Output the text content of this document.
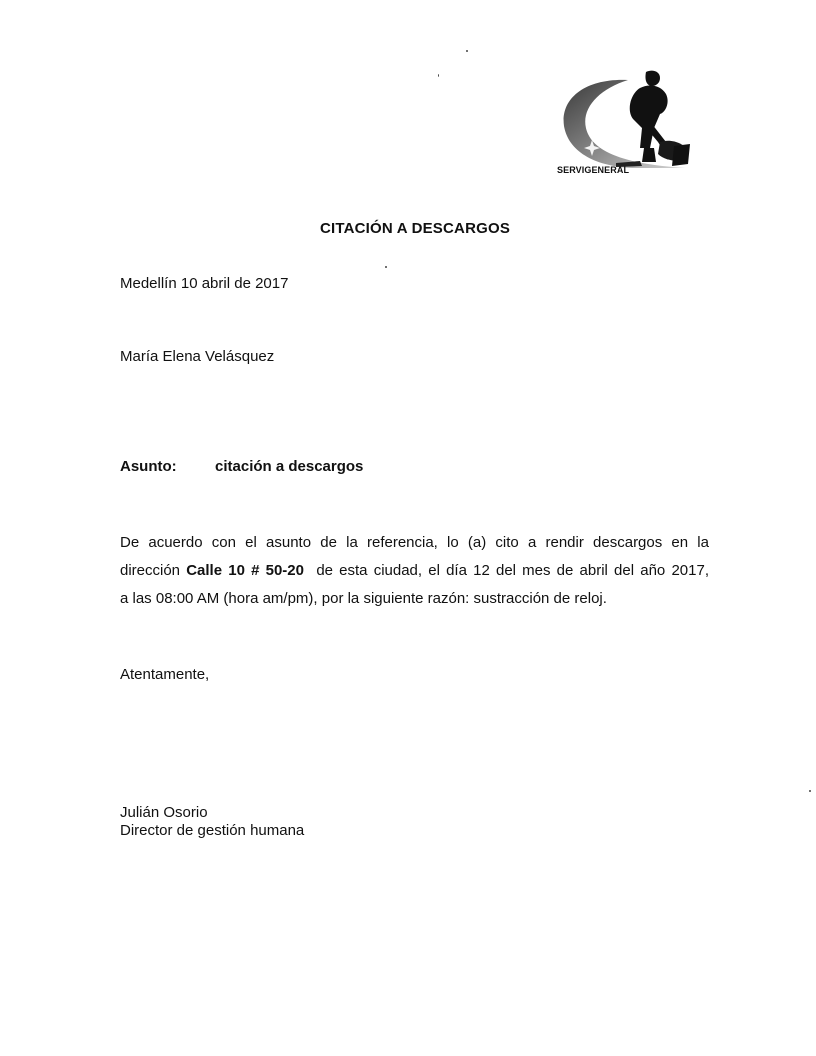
SERVIGENERAL
CITACIÓN A DESCARGOS
Medellín 10 abril de 2017
María Elena Velásquez
Asunto:	citación a descargos
De acuerdo con el asunto de la referencia, lo (a) cito a rendir descargos en la
dirección Calle 10 # 50-20  de esta ciudad, el día 12 del mes de abril del año 2017,
a las 08:00 AM (hora am/pm), por la siguiente razón: sustracción de reloj.
Atentamente,
Julián Osorio
Director de gestión humana
